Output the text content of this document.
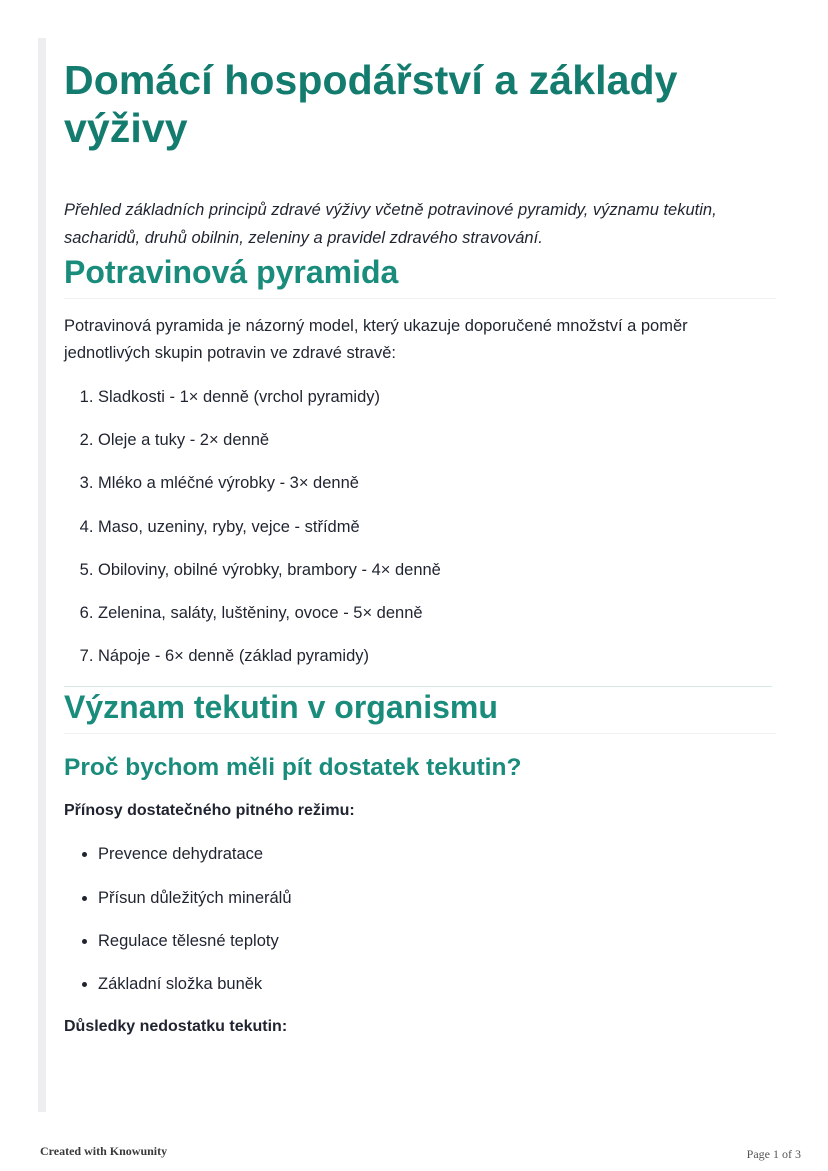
Domácí hospodářství a základy výživy

Přehled základních principů zdravé výživy včetně potravinové pyramidy, významu tekutin, sacharidů, druhů obilnin, zeleniny a pravidel zdravého stravování.

Potravinová pyramida

Potravinová pyramida je názorný model, který ukazuje doporučené množství a poměr jednotlivých skupin potravin ve zdravé stravě:

1. Sladkosti - 1× denně (vrchol pyramidy)
2. Oleje a tuky - 2× denně
3. Mléko a mléčné výrobky - 3× denně
4. Maso, uzeniny, ryby, vejce - střídmě
5. Obiloviny, obilné výrobky, brambory - 4× denně
6. Zelenina, saláty, luštěniny, ovoce - 5× denně
7. Nápoje - 6× denně (základ pyramidy)
Význam tekutin v organismu
Proč bychom měli pít dostatek tekutin?

Přínosy dostatečného pitného režimu:

• Prevence dehydratace
• Přísun důležitých minerálů
• Regulace tělesné teploty
• Základní složka buněk

Důsledky nedostatku tekutin:

Created with Knowunity	Page 1 of 3
